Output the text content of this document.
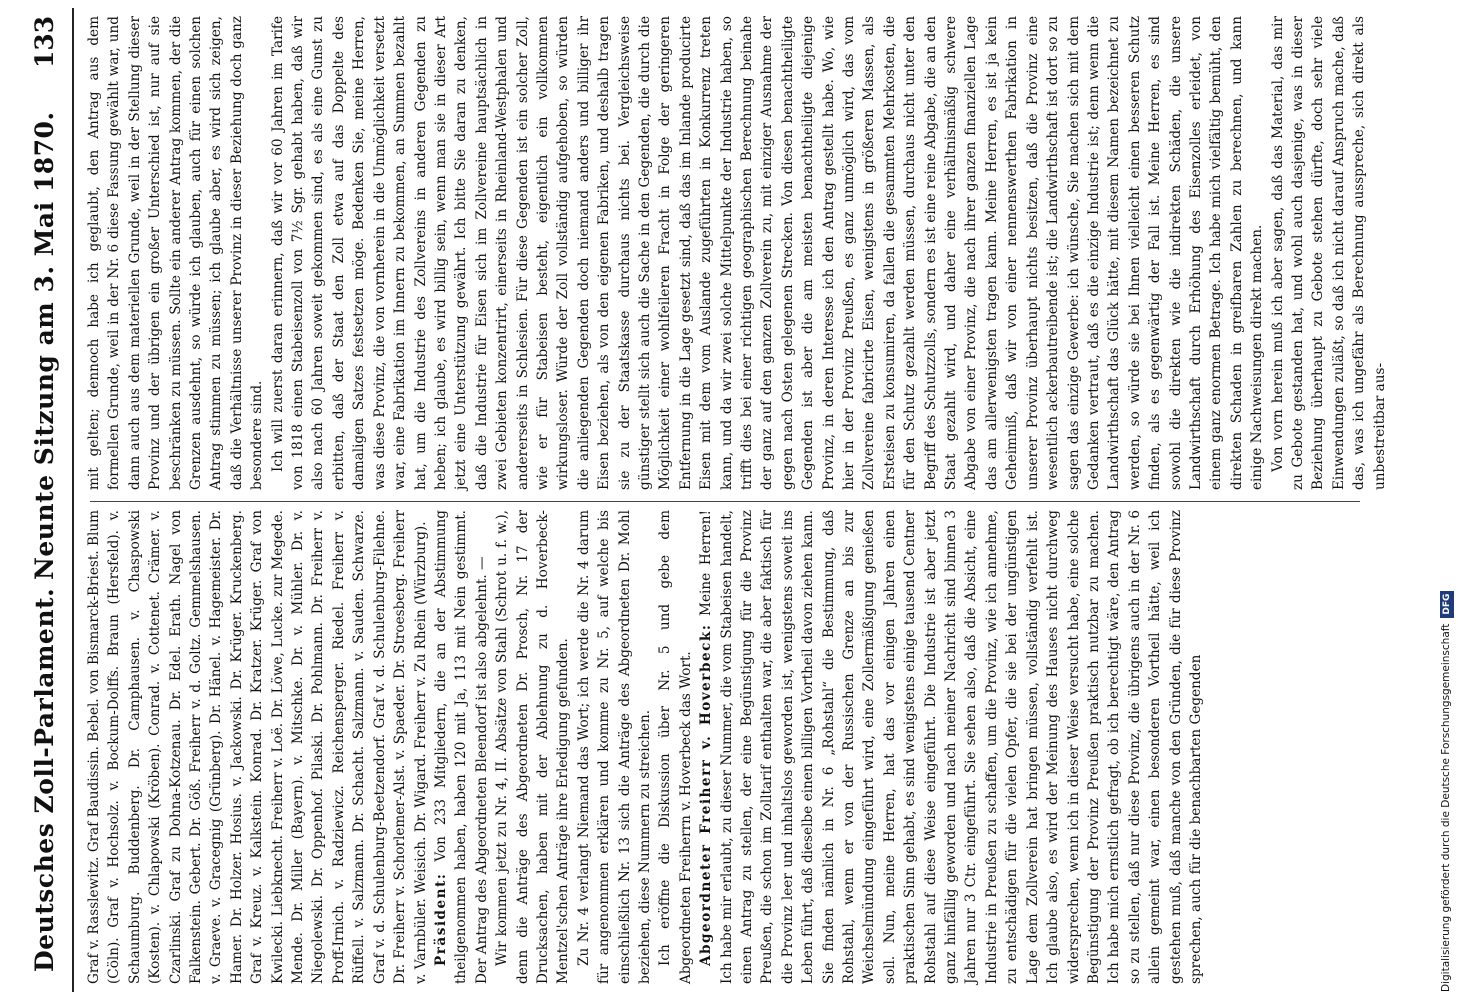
Deutsches Zoll-Parlament.
Neunte Sitzung am 3. Mai 1870.
133

Graf v. Rasslewitz. Graf Baudissin. Bebel. von Bismarck-Briest. Blum (Cöln). Graf v. Hochsolz. v. Bockum-Dolffs. Braun (Hersfeld). v. Schaumburg. Buddenberg. Dr. Camphausen. v. Chaspowski (Kosten). v. Chlapowski (Kröben). Conrad. v. Cottenet. Crämer. v. Czarlinski. Graf zu Dohna-Kotzenau. Dr. Edel. Erath. Nagel von Falkenstein. Gebert. Dr. Göß. Freiherr v. d. Goltz. Gemmelshausen. v. Graeve. v. Gracegnig (Grünberg). Dr. Hänel. v. Hagemeister. Dr. Hamer. Dr. Holzer. Hosius. v. Jackowski. Dr. Krüger. Kruckenberg. Graf v. Kreuz. v. Kalkstein. Konrad. Dr. Kratzer. Krüger. Graf von Kwilecki. Liebknecht. Freiherr v. Loë. Dr. Löwe, Lucke. zur Megede. Mende. Dr. Miller (Bayern). v. Mitschke. Dr. v. Mühler. Dr. v. Niegolewski. Dr. Oppenhof. Pilaski. Dr. Pohlmann. Dr. Freiherr v. Proff-Irnich. v. Radziewicz. Reichensperger. Riedel. Freiherr v. Rüffell. v. Salzmann. Dr. Schacht. Salzmann. v. Sauden. Schwarze. Graf v. d. Schulenburg-Beetzendorf. Graf v. d. Schulenburg-Filehne. Dr. Freiherr v. Schorlemer-Alst. v. Spaeder. Dr. Stroesberg. Freiherr v. Varnbüler. Weisich. Dr. Wigard. Freiherr v. Zu Rhein (Würzburg). Präsident: Von 233 Mitgliedern, die an der Abstimmung theilgenommen haben, haben 120 mit Ja, 113 mit Nein gestimmt. Der Antrag des Abgeordneten Bleendorf ist also abgelehnt. — Wir kommen jetzt zu Nr. 4, II. Absätze von Stahl (Schrot u. f. w.), denn die Anträge des Abgeordneten Dr. Prosch, Nr. 17 der Drucksachen, haben mit der Ablehnung zu d. Hoverbeck-Mentzel'schen Anträge ihre Erledigung gefunden. Zu Nr. 4 verlangt Niemand das Wort; ich werde die Nr. 4 darum für angenommen erklären und komme zu Nr. 5, auf welche bis einschließlich Nr. 13 sich die Anträge des Abgeordneten Dr. Mohl beziehen, diese Nummern zu streichen. Ich eröffne die Diskussion über Nr. 5 und gebe dem Abgeordneten Freiherrn v. Hoverbeck das Wort. Abgeordneter Freiherr v. Hoverbeck: Meine Herren! Ich habe mir erlaubt, zu dieser Nummer, die vom Stabeisen handelt, einen Antrag zu stellen, der eine Begünstigung für die Provinz Preußen, die schon im Zolltarif enthalten war, die aber faktisch für die Provinz leer und inhaltslos geworden ist, wenigstens soweit ins Leben führt, daß dieselbe einen billigen Vortheil davon ziehen kann. Sie finden nämlich in Nr. 6 „Rohstahl“ die Bestimmung, daß Rohstahl, wenn er von der Russischen Grenze an bis zur Weichselmündung eingeführt wird, eine Zollermäßigung genießen soll. Nun, meine Herren, hat das vor einigen Jahren einen praktischen Sinn gehabt, es sind wenigstens einige tausend Centner Rohstahl auf diese Weise eingeführt. Die Industrie ist aber jetzt ganz hinfällig geworden und nach meiner Nachricht sind binnen 3 Jahren nur 3 Ctr. eingeführt. Sie sehen also, daß die Absicht, eine Industrie in Preußen zu schaffen, um die Provinz, wie ich annehme, zu entschädigen für die vielen Opfer, die sie bei der ungünstigen Lage dem Zollverein hat bringen müssen, vollständig verfehlt ist. Ich glaube also, es wird der Meinung des Hauses nicht durchweg widersprechen, wenn ich in dieser Weise versucht habe, eine solche Begünstigung der Provinz Preußen praktisch nutzbar zu machen. Ich habe mich ernstlich gefragt, ob ich berechtigt wäre, den Antrag so zu stellen, daß nur diese Provinz, die übrigens auch in der Nr. 6 allein gemeint war, einen besonderen Vortheil hätte, weil ich gestehen muß, daß manche von den Gründen, die für diese Provinz sprechen, auch für die benachbarten Gegenden

mit gelten; dennoch habe ich geglaubt, den Antrag aus dem formellen Grunde, weil in der Nr. 6 diese Fassung gewählt war, und dann auch aus dem materiellen Grunde, weil in der Stellung dieser Provinz und der übrigen ein großer Unterschied ist, nur auf sie beschränken zu müssen. Sollte ein anderer Antrag kommen, der die Grenzen ausdehnt, so würde ich glauben, auch für einen solchen Antrag stimmen zu müssen; ich glaube aber, es wird sich zeigen, daß die Verhältnisse unserer Provinz in dieser Beziehung doch ganz besondere sind. Ich will zuerst daran erinnern, daß wir vor 60 Jahren im Tarife von 1818 einen Stabeisenzoll von 7½ Sgr. gehabt haben, daß wir also nach 60 Jahren soweit gekommen sind, es als eine Gunst zu erbitten, daß der Staat den Zoll etwa auf das Doppelte des damaligen Satzes festsetzen möge. Bedenken Sie, meine Herren, was diese Provinz, die von vornherein in die Unmöglichkeit versetzt war, eine Fabrikation im Innern zu bekommen, an Summen bezahlt hat, um die Industrie des Zollvereins in anderen Gegenden zu heben; ich glaube, es wird billig sein, wenn man sie in dieser Art jetzt eine Unterstützung gewährt. Ich bitte Sie daran zu denken, daß die Industrie für Eisen sich im Zollvereine hauptsächlich in zwei Gebieten konzentrirt, einerseits in Rheinland-Westphalen und andererseits in Schlesien. Für diese Gegenden ist ein solcher Zoll, wie er für Stabeisen besteht, eigentlich ein vollkommen wirkungsloser. Würde der Zoll vollständig aufgehoben, so würden die anliegenden Gegenden doch niemand anders und billiger ihr Eisen beziehen, als von den eigenen Fabriken, und deshalb tragen sie zu der Staatskasse durchaus nichts bei. Vergleichsweise günstiger stellt sich auch die Sache in den Gegenden, die durch die Möglichkeit einer wohlfeileren Fracht in Folge der geringeren Entfernung in die Lage gesetzt sind, daß das im Inlande producirte Eisen mit dem vom Auslande zugeführten in Konkurrenz treten kann, und da wir zwei solche Mittelpunkte der Industrie haben, so trifft dies bei einer richtigen geographischen Berechnung beinahe der ganz auf den ganzen Zollverein zu, mit einziger Ausnahme der gegen nach Osten gelegenen Strecken. Von diesen benachtheiligte Gegenden ist aber die am meisten benachtheiligte diejenige Provinz, in deren Interesse ich den Antrag gestellt habe. Wo, wie hier in der Provinz Preußen, es ganz unmöglich wird, das vom Zollvereine fabricirte Eisen, wenigstens in größeren Massen, als Ersteisen zu konsumiren, da fallen die gesammten Mehrkosten, die für den Schutz gezahlt werden müssen, durchaus nicht unter den Begriff des Schutzzolls, sondern es ist eine reine Abgabe, die an den Staat gezahlt wird, und daher eine verhältnismäßig schwere Abgabe von einer Provinz, die nach ihrer ganzen finanziellen Lage das am allerwenigsten tragen kann. Meine Herren, es ist ja kein Geheimniß, daß wir von einer nennenswerthen Fabrikation in unserer Provinz überhaupt nichts besitzen, daß die Provinz eine wesentlich ackerbautreibende ist; die Landwirthschaft ist dort so zu sagen das einzige Gewerbe: ich wünsche, Sie machen sich mit dem Gedanken vertraut, daß es die einzige Industrie ist; denn wenn die Landwirthschaft das Glück hätte, mit diesem Namen bezeichnet zu werden, so würde sie bei Ihnen vielleicht einen besseren Schutz finden, als es gegenwärtig der Fall ist. Meine Herren, es sind sowohl die direkten wie die indirekten Schäden, die unsere Landwirthschaft durch Erhöhung des Eisenzolles erleidet, von einem ganz enormen Betrage. Ich habe mich vielfältig bemüht, den direkten Schaden in greifbaren Zahlen zu berechnen, und kann einige Nachweisungen direkt machen. Von vorn herein muß ich aber sagen, daß das Material, das mir zu Gebote gestanden hat, und wohl auch dasjenige, was in dieser Beziehung überhaupt zu Gebote stehen dürfte, doch sehr viele Einwendungen zuläßt, so daß ich nicht darauf Anspruch mache, daß das, was ich ungefähr als Berechnung ausspreche, sich direkt als unbestreitbar aus-

Digitalisierung gefördert durch die Deutsche ForschungsgemeinschaftDFG
